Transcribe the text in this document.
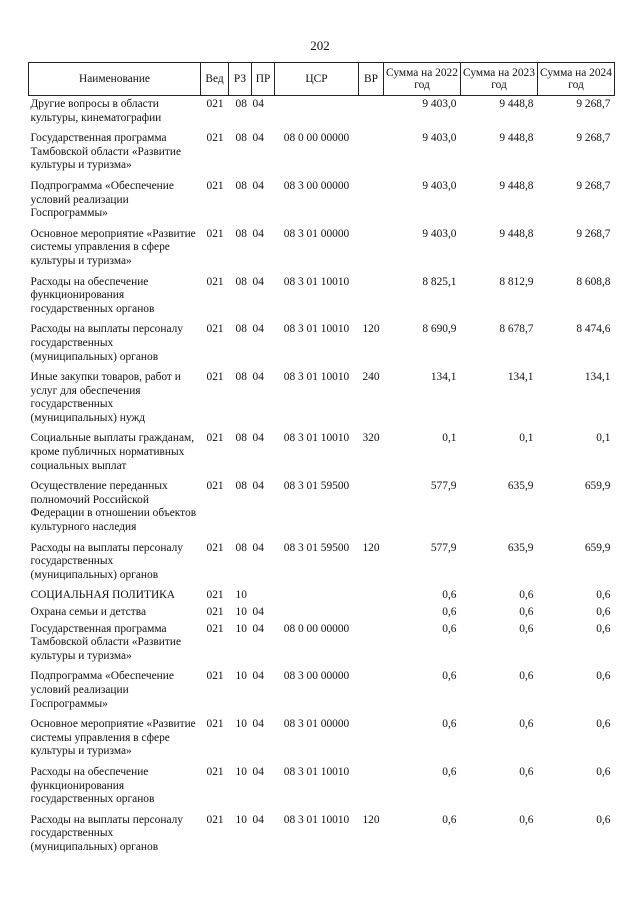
202
Наименование	Вед	РЗ	ПР	ЦСР	ВР	Сумма на 2022 год	Сумма на 2023 год	Сумма на 2024 год
Другие вопросы в области культуры, кинематографии	021	08	04			9 403,0	9 448,8	9 268,7
Государственная программа Тамбовской области «Развитие культуры и туризма»	021	08	04	08 0 00 00000		9 403,0	9 448,8	9 268,7
Подпрограмма «Обеспечение условий реализации Госпрограммы»	021	08	04	08 3 00 00000		9 403,0	9 448,8	9 268,7
Основное мероприятие «Развитие системы управления в сфере культуры и туризма»	021	08	04	08 3 01 00000		9 403,0	9 448,8	9 268,7
Расходы на обеспечение функционирования государственных органов	021	08	04	08 3 01 10010		8 825,1	8 812,9	8 608,8
Расходы на выплаты персоналу государственных (муниципальных) органов	021	08	04	08 3 01 10010	120	8 690,9	8 678,7	8 474,6
Иные закупки товаров, работ и услуг для обеспечения государственных (муниципальных) нужд	021	08	04	08 3 01 10010	240	134,1	134,1	134,1
Социальные выплаты гражданам, кроме публичных нормативных социальных выплат	021	08	04	08 3 01 10010	320	0,1	0,1	0,1
Осуществление переданных полномочий Российской Федерации в отношении объектов культурного наследия	021	08	04	08 3 01 59500		577,9	635,9	659,9
Расходы на выплаты персоналу государственных (муниципальных) органов	021	08	04	08 3 01 59500	120	577,9	635,9	659,9
СОЦИАЛЬНАЯ ПОЛИТИКА	021	10				0,6	0,6	0,6
Охрана семьи и детства	021	10	04			0,6	0,6	0,6
Государственная программа Тамбовской области «Развитие культуры и туризма»	021	10	04	08 0 00 00000		0,6	0,6	0,6
Подпрограмма «Обеспечение условий реализации Госпрограммы»	021	10	04	08 3 00 00000		0,6	0,6	0,6
Основное мероприятие «Развитие системы управления в сфере культуры и туризма»	021	10	04	08 3 01 00000		0,6	0,6	0,6
Расходы на обеспечение функционирования государственных органов	021	10	04	08 3 01 10010		0,6	0,6	0,6
Расходы на выплаты персоналу государственных (муниципальных) органов	021	10	04	08 3 01 10010	120	0,6	0,6	0,6
